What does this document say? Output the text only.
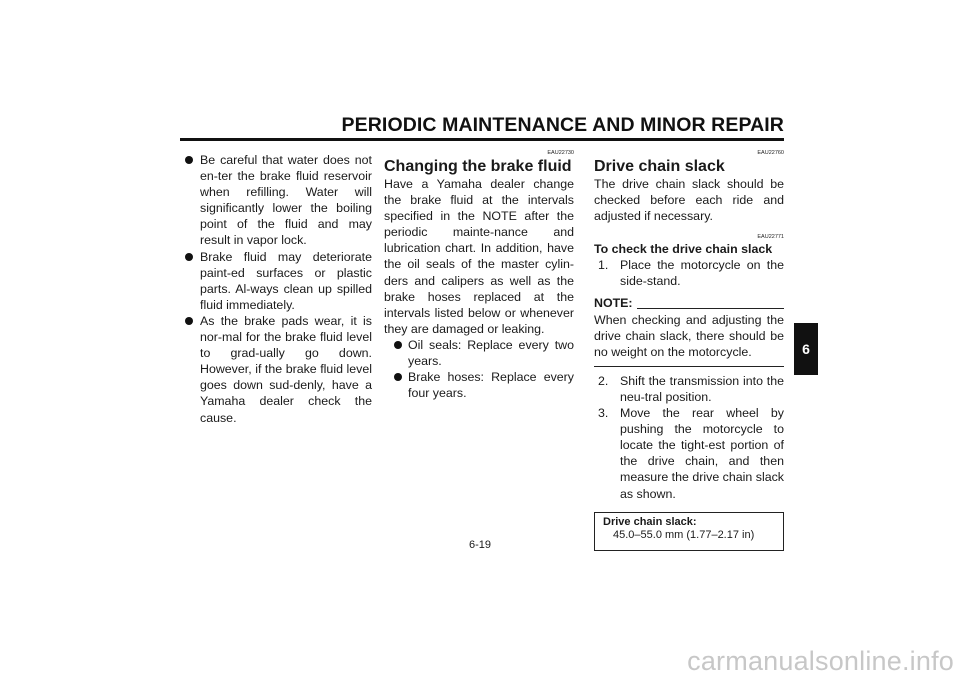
PERIODIC MAINTENANCE AND MINOR REPAIR
Be careful that water does not en-ter the brake fluid reservoir when refilling. Water will significantly lower the boiling point of the fluid and may result in vapor lock.
Brake fluid may deteriorate paint-ed surfaces or plastic parts. Al-ways clean up spilled fluid immediately.
As the brake pads wear, it is nor-mal for the brake fluid level to grad-ually go down. However, if the brake fluid level goes down sud-denly, have a Yamaha dealer check the cause.
EAU22730
Changing the brake fluid

Have a Yamaha dealer change the brake fluid at the intervals specified in the NOTE after the periodic mainte-nance and lubrication chart. In addition, have the oil seals of the master cylin-ders and calipers as well as the brake hoses replaced at the intervals listed below or whenever they are damaged or leaking.

Oil seals: Replace every two years.
Brake hoses: Replace every four years.
EAU22760
Drive chain slack

The drive chain slack should be checked before each ride and adjusted if necessary.

EAU22771
To check the drive chain slack
1. Place the motorcycle on the side-stand.
NOTE:

When checking and adjusting the drive chain slack, there should be no weight on the motorcycle.

2. Shift the transmission into the neu-tral position.
3. Move the rear wheel by pushing the motorcycle to locate the tight-est portion of the drive chain, and then measure the drive chain slack as shown.
Drive chain slack:
45.0–55.0 mm (1.77–2.17 in)
6
6-19
carmanualsonline.info
